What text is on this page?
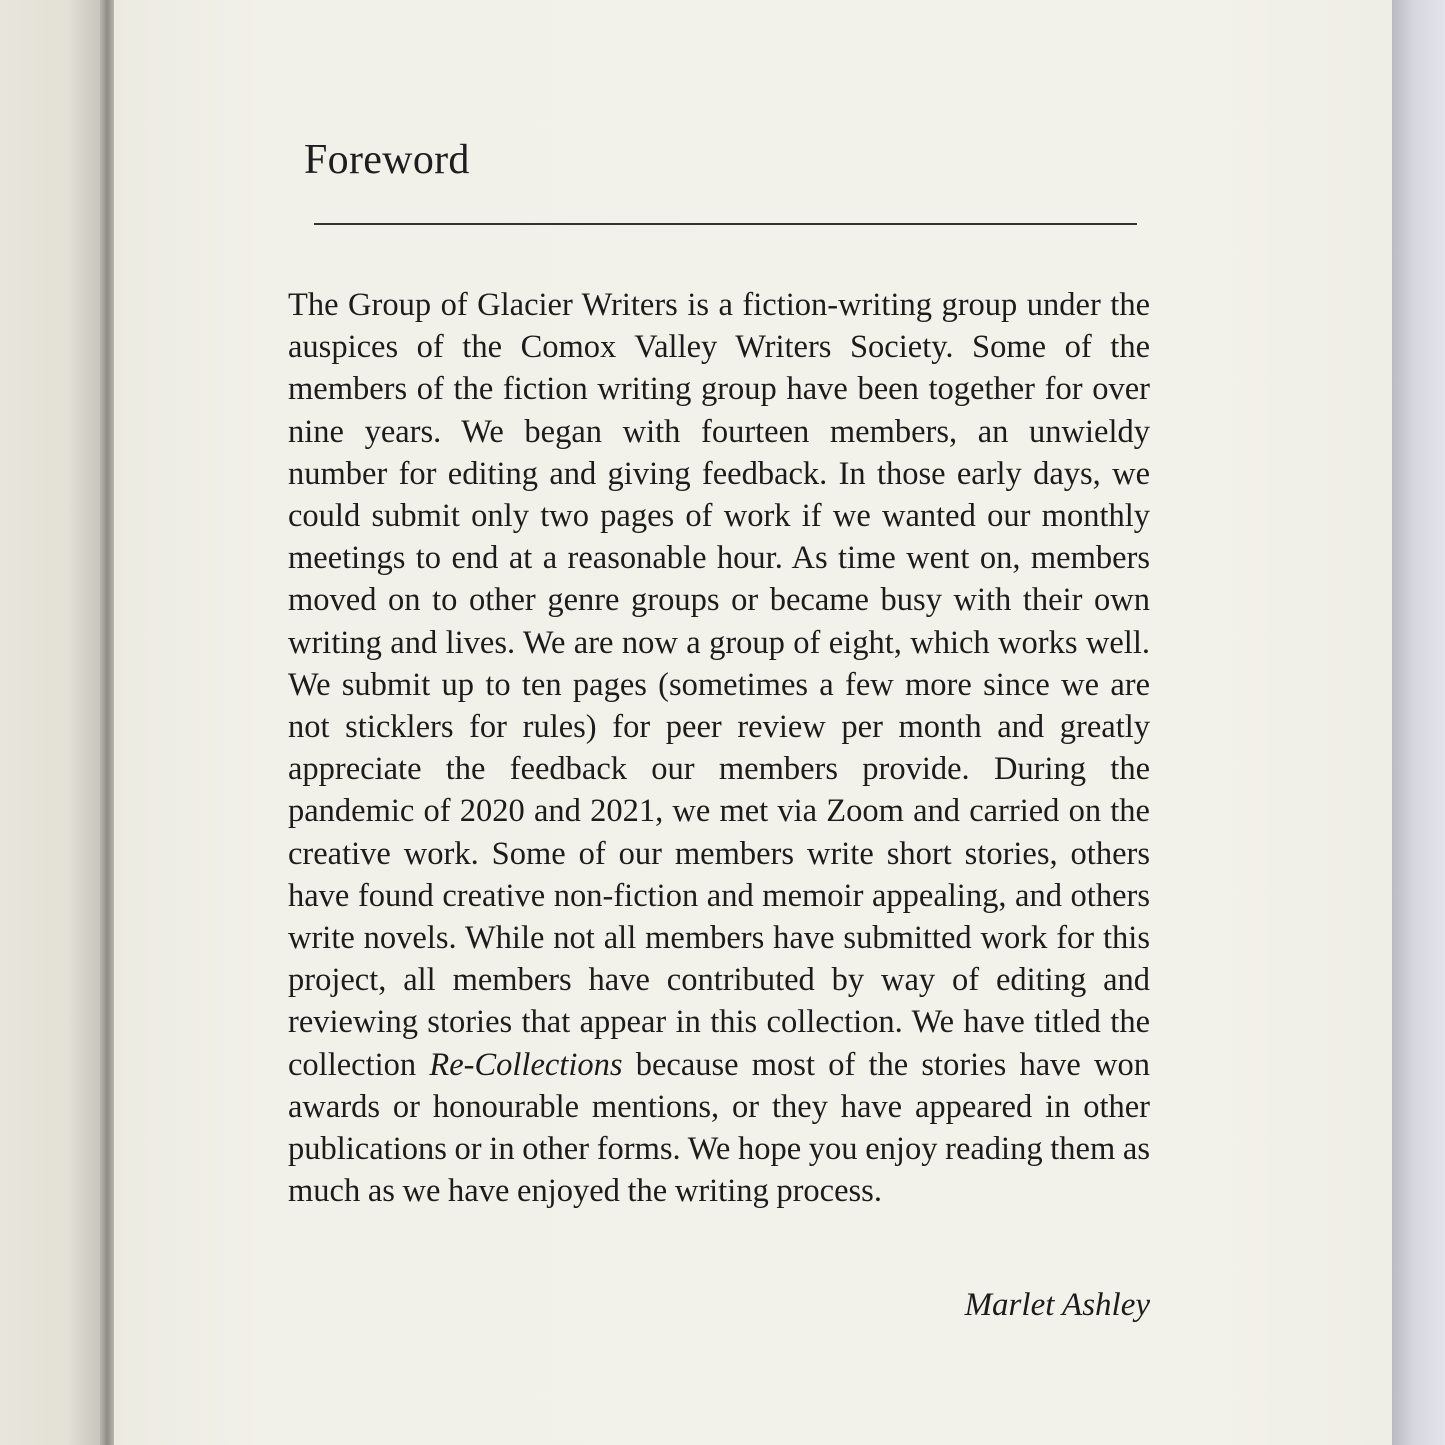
Foreword

The Group of Glacier Writers is a fiction-writing group under the auspices of the Comox Valley Writers Society. Some of the members of the fiction writing group have been together for over nine years. We began with fourteen members, an unwieldy number for editing and giving feedback. In those early days, we could submit only two pages of work if we wanted our monthly meetings to end at a reasonable hour. As time went on, members moved on to other genre groups or became busy with their own writing and lives. We are now a group of eight, which works well. We submit up to ten pages (sometimes a few more since we are not sticklers for rules) for peer review per month and greatly appreciate the feedback our members provide. During the pandemic of 2020 and 2021, we met via Zoom and carried on the creative work. Some of our members write short stories, others have found creative non-fiction and memoir appealing, and others write novels. While not all members have submitted work for this project, all members have contributed by way of editing and reviewing stories that appear in this collection. We have titled the collection Re-Collections because most of the stories have won awards or honourable mentions, or they have appeared in other publications or in other forms. We hope you enjoy reading them as much as we have enjoyed the writing process.

Marlet Ashley
